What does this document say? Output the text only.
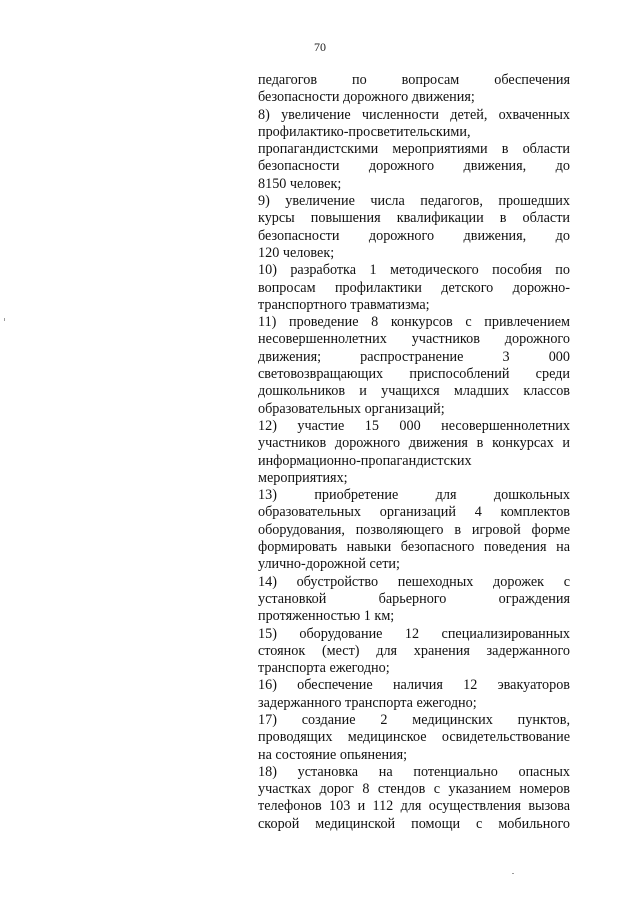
70

педагогов по вопросам обеспечения

безопасности дорожного движения;

8) увеличение численности детей, охваченных

профилактико-просветительскими,

пропагандистскими мероприятиями в области

безопасности дорожного движения, до

8150 человек;

9) увеличение числа педагогов, прошедших

курсы повышения квалификации в области

безопасности дорожного движения, до

120 человек;

10) разработка 1 методического пособия по

вопросам профилактики детского дорожно-

транспортного травматизма;

11) проведение 8 конкурсов с привлечением

несовершеннолетних участников дорожного

движения; распространение 3 000

световозвращающих приспособлений среди

дошкольников и учащихся младших классов

образовательных организаций;

12) участие 15 000 несовершеннолетних

участников дорожного движения в конкурсах и

информационно-пропагандистских

мероприятиях;

13) приобретение для дошкольных

образовательных организаций 4 комплектов

оборудования, позволяющего в игровой форме

формировать навыки безопасного поведения на

улично-дорожной сети;

14) обустройство пешеходных дорожек с

установкой барьерного ограждения

протяженностью 1 км;

15) оборудование 12 специализированных

стоянок (мест) для хранения задержанного

транспорта ежегодно;

16) обеспечение наличия 12 эвакуаторов

задержанного транспорта ежегодно;

17) создание 2 медицинских пунктов,

проводящих медицинское освидетельствование

на состояние опьянения;

18) установка на потенциально опасных

участках дорог 8 стендов с указанием номеров

телефонов 103 и 112 для осуществления вызова

скорой медицинской помощи с мобильного
